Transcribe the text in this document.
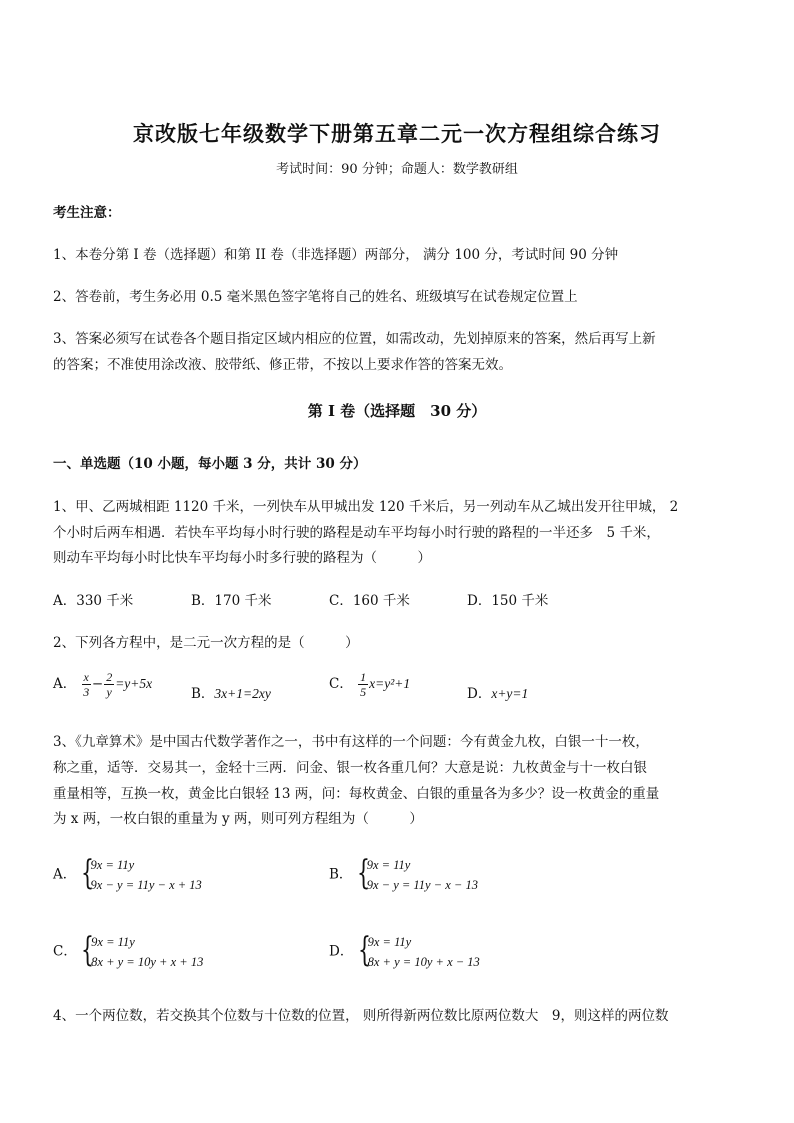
京改版七年级数学下册第五章二元一次方程组综合练习
考试时间：90 分钟；命题人：数学教研组
考生注意：
1、本卷分第 I 卷（选择题）和第 II 卷（非选择题）两部分， 满分 100 分，考试时间 90 分钟
2、答卷前，考生务必用 0.5 毫米黑色签字笔将自己的姓名、班级填写在试卷规定位置上
3、答案必须写在试卷各个题目指定区域内相应的位置，如需改动，先划掉原来的答案，然后再写上新
的答案；不准使用涂改液、胶带纸、修正带，不按以上要求作答的答案无效。
第 I 卷（选择题　30 分）
一、单选题（10 小题，每小题 3 分，共计 30 分）
1、甲、乙两城相距 1120 千米，一列快车从甲城出发 120 千米后，另一列动车从乙城出发开往甲城， 2
个小时后两车相遇．若快车平均每小时行驶的路程是动车平均每小时行驶的路程的一半还多　5 千米，
则动车平均每小时比快车平均每小时多行驶的路程为（　　　）
A．330 千米	B．170 千米	C．160 千米	D．150 千米
2、下列各方程中，是二元一次方程的是（　　　）
A． $\frac{x}{3} - \frac{2}{y} =y+5x$
B．3x+1=2xy
C． $\frac{1}{5} x=y^2+1$
D．x+y=1
3、《九章算术》是中国古代数学著作之一，书中有这样的一个问题：今有黄金九枚，白银一十一枚，
称之重，适等．交易其一，金轻十三两．问金、银一枚各重几何？大意是说：九枚黄金与十一枚白银
重量相等，互换一枚，黄金比白银轻 13 两，问：每枚黄金、白银的重量各为多少？设一枚黄金的重量
为 x 两，一枚白银的重量为 y 两，则可列方程组为（　　　）
A． {
9x = 11y
9x − y = 11y − x + 13
B． {
9x = 11y
9x − y = 11y − x − 13
C． {
9x = 11y
8x + y = 10y + x + 13
D． {
9x = 11y
8x + y = 10y + x − 13
4、一个两位数，若交换其个位数与十位数的位置， 则所得新两位数比原两位数大　9，则这样的两位数
